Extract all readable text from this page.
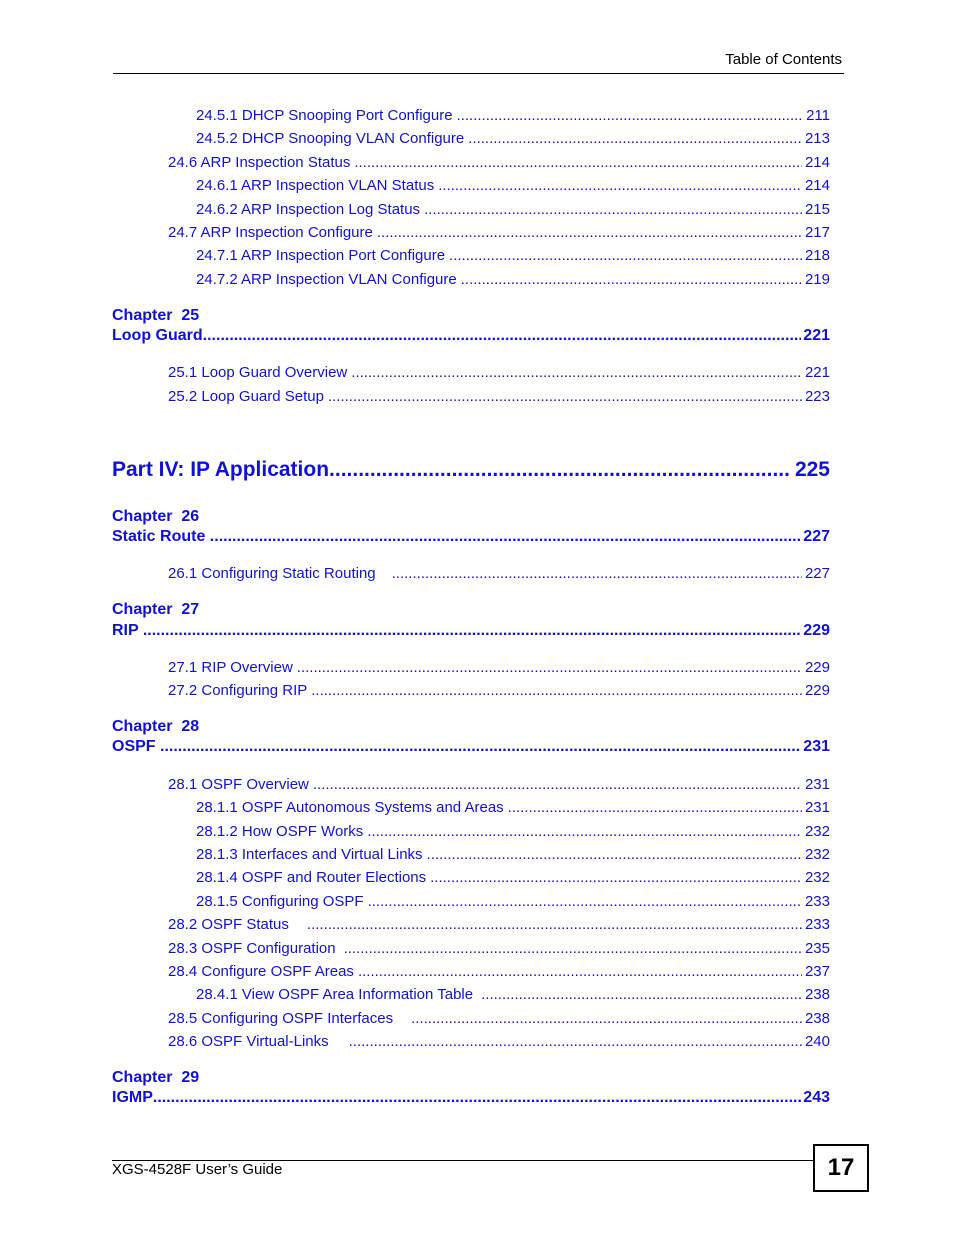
Table of Contents
24.5.1 DHCP Snooping Port Configure .....	211
24.5.2 DHCP Snooping VLAN Configure .....	213
24.6 ARP Inspection Status .....	214
24.6.1 ARP Inspection VLAN Status .....	214
24.6.2 ARP Inspection Log Status .....	215
24.7 ARP Inspection Configure .....	217
24.7.1 ARP Inspection Port Configure .....	218
24.7.2 ARP Inspection VLAN Configure .....	219
Chapter  25
Loop Guard .....	221
25.1 Loop Guard Overview .....	221
25.2 Loop Guard Setup .....	223
Part IV: IP Application .....	225
Chapter  26
Static Route .....	227
26.1 Configuring Static Routing .....	227
Chapter  27
RIP .....	229
27.1 RIP Overview .....	229
27.2 Configuring RIP .....	229
Chapter  28
OSPF .....	231
28.1 OSPF Overview .....	231
28.1.1 OSPF Autonomous Systems and Areas .....	231
28.1.2 How OSPF Works .....	232
28.1.3 Interfaces and Virtual Links .....	232
28.1.4 OSPF and Router Elections .....	232
28.1.5 Configuring OSPF .....	233
28.2 OSPF Status .....	233
28.3 OSPF Configuration .....	235
28.4 Configure OSPF Areas .....	237
28.4.1 View OSPF Area Information Table .....	238
28.5 Configuring OSPF Interfaces .....	238
28.6 OSPF Virtual-Links .....	240
Chapter  29
IGMP .....	243
XGS-4528F User’s Guide	17
